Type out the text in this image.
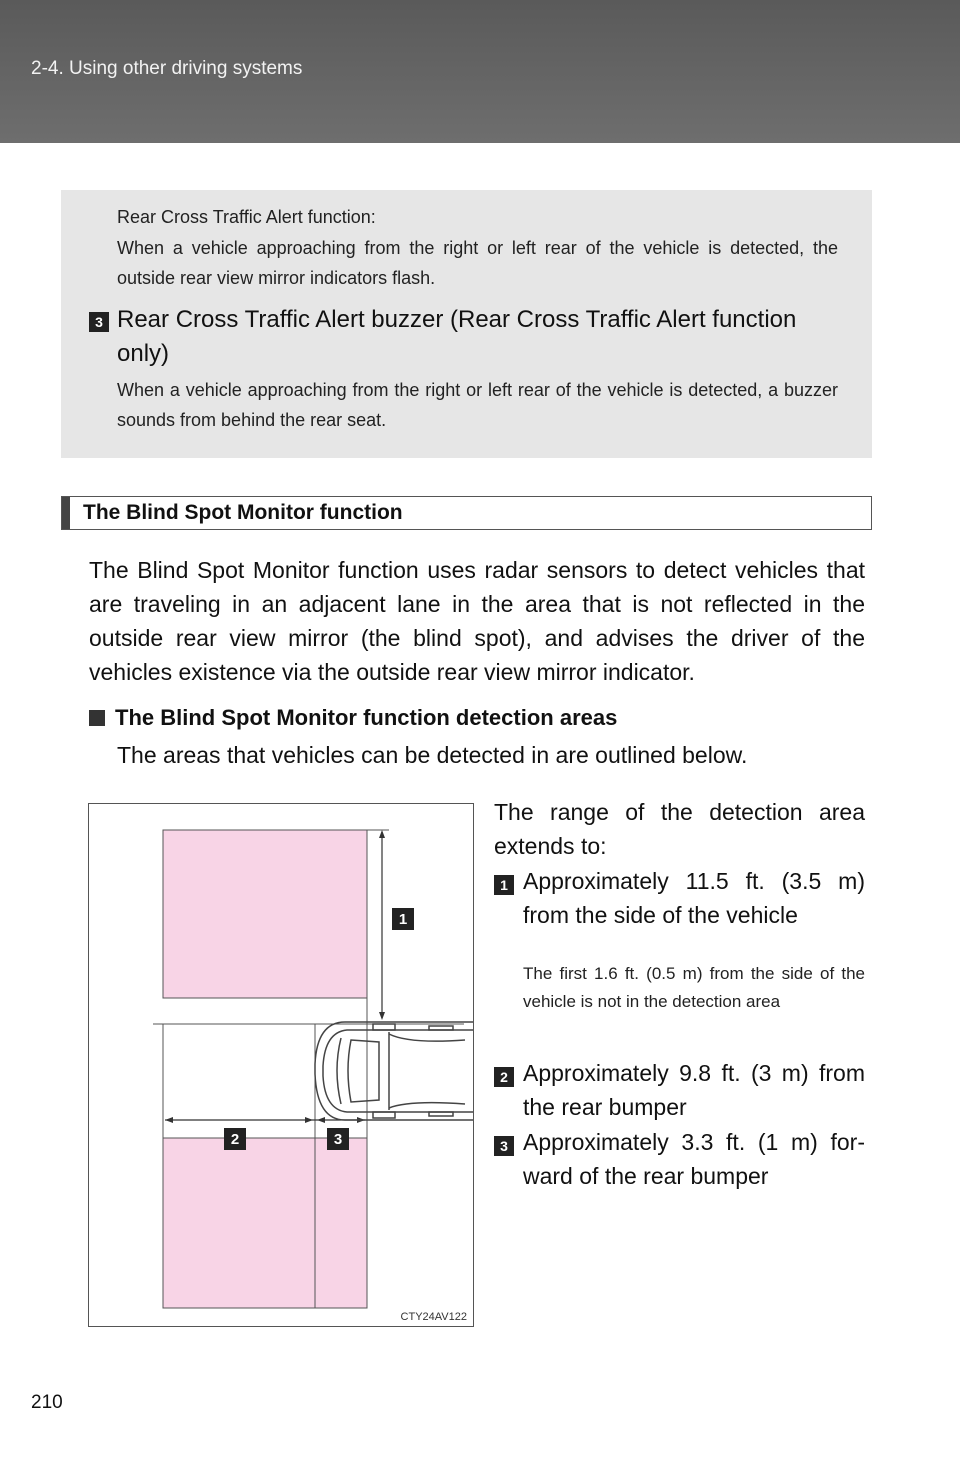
2-4. Using other driving systems
Rear Cross Traffic Alert function:
When a vehicle approaching from the right or left rear of the vehicle is detected, the outside rear view mirror indicators flash.
3 Rear Cross Traffic Alert buzzer (Rear Cross Traffic Alert function only)
When a vehicle approaching from the right or left rear of the vehicle is detected, a buzzer sounds from behind the rear seat.
The Blind Spot Monitor function
The Blind Spot Monitor function uses radar sensors to detect vehicles that are traveling in an adjacent lane in the area that is not reflected in the outside rear view mirror (the blind spot), and advises the driver of the vehicles existence via the outside rear view mirror indicator.
The Blind Spot Monitor function detection areas
The areas that vehicles can be detected in are outlined below.
1
2	3
CTY24AV122
The range of the detection area extends to:
1 Approximately 11.5 ft. (3.5 m) from the side of the vehicle
The first 1.6 ft. (0.5 m) from the side of the vehicle is not in the detection area
2 Approximately 9.8 ft. (3 m) from the rear bumper
3 Approximately 3.3 ft. (1 m) for-ward of the rear bumper
210
